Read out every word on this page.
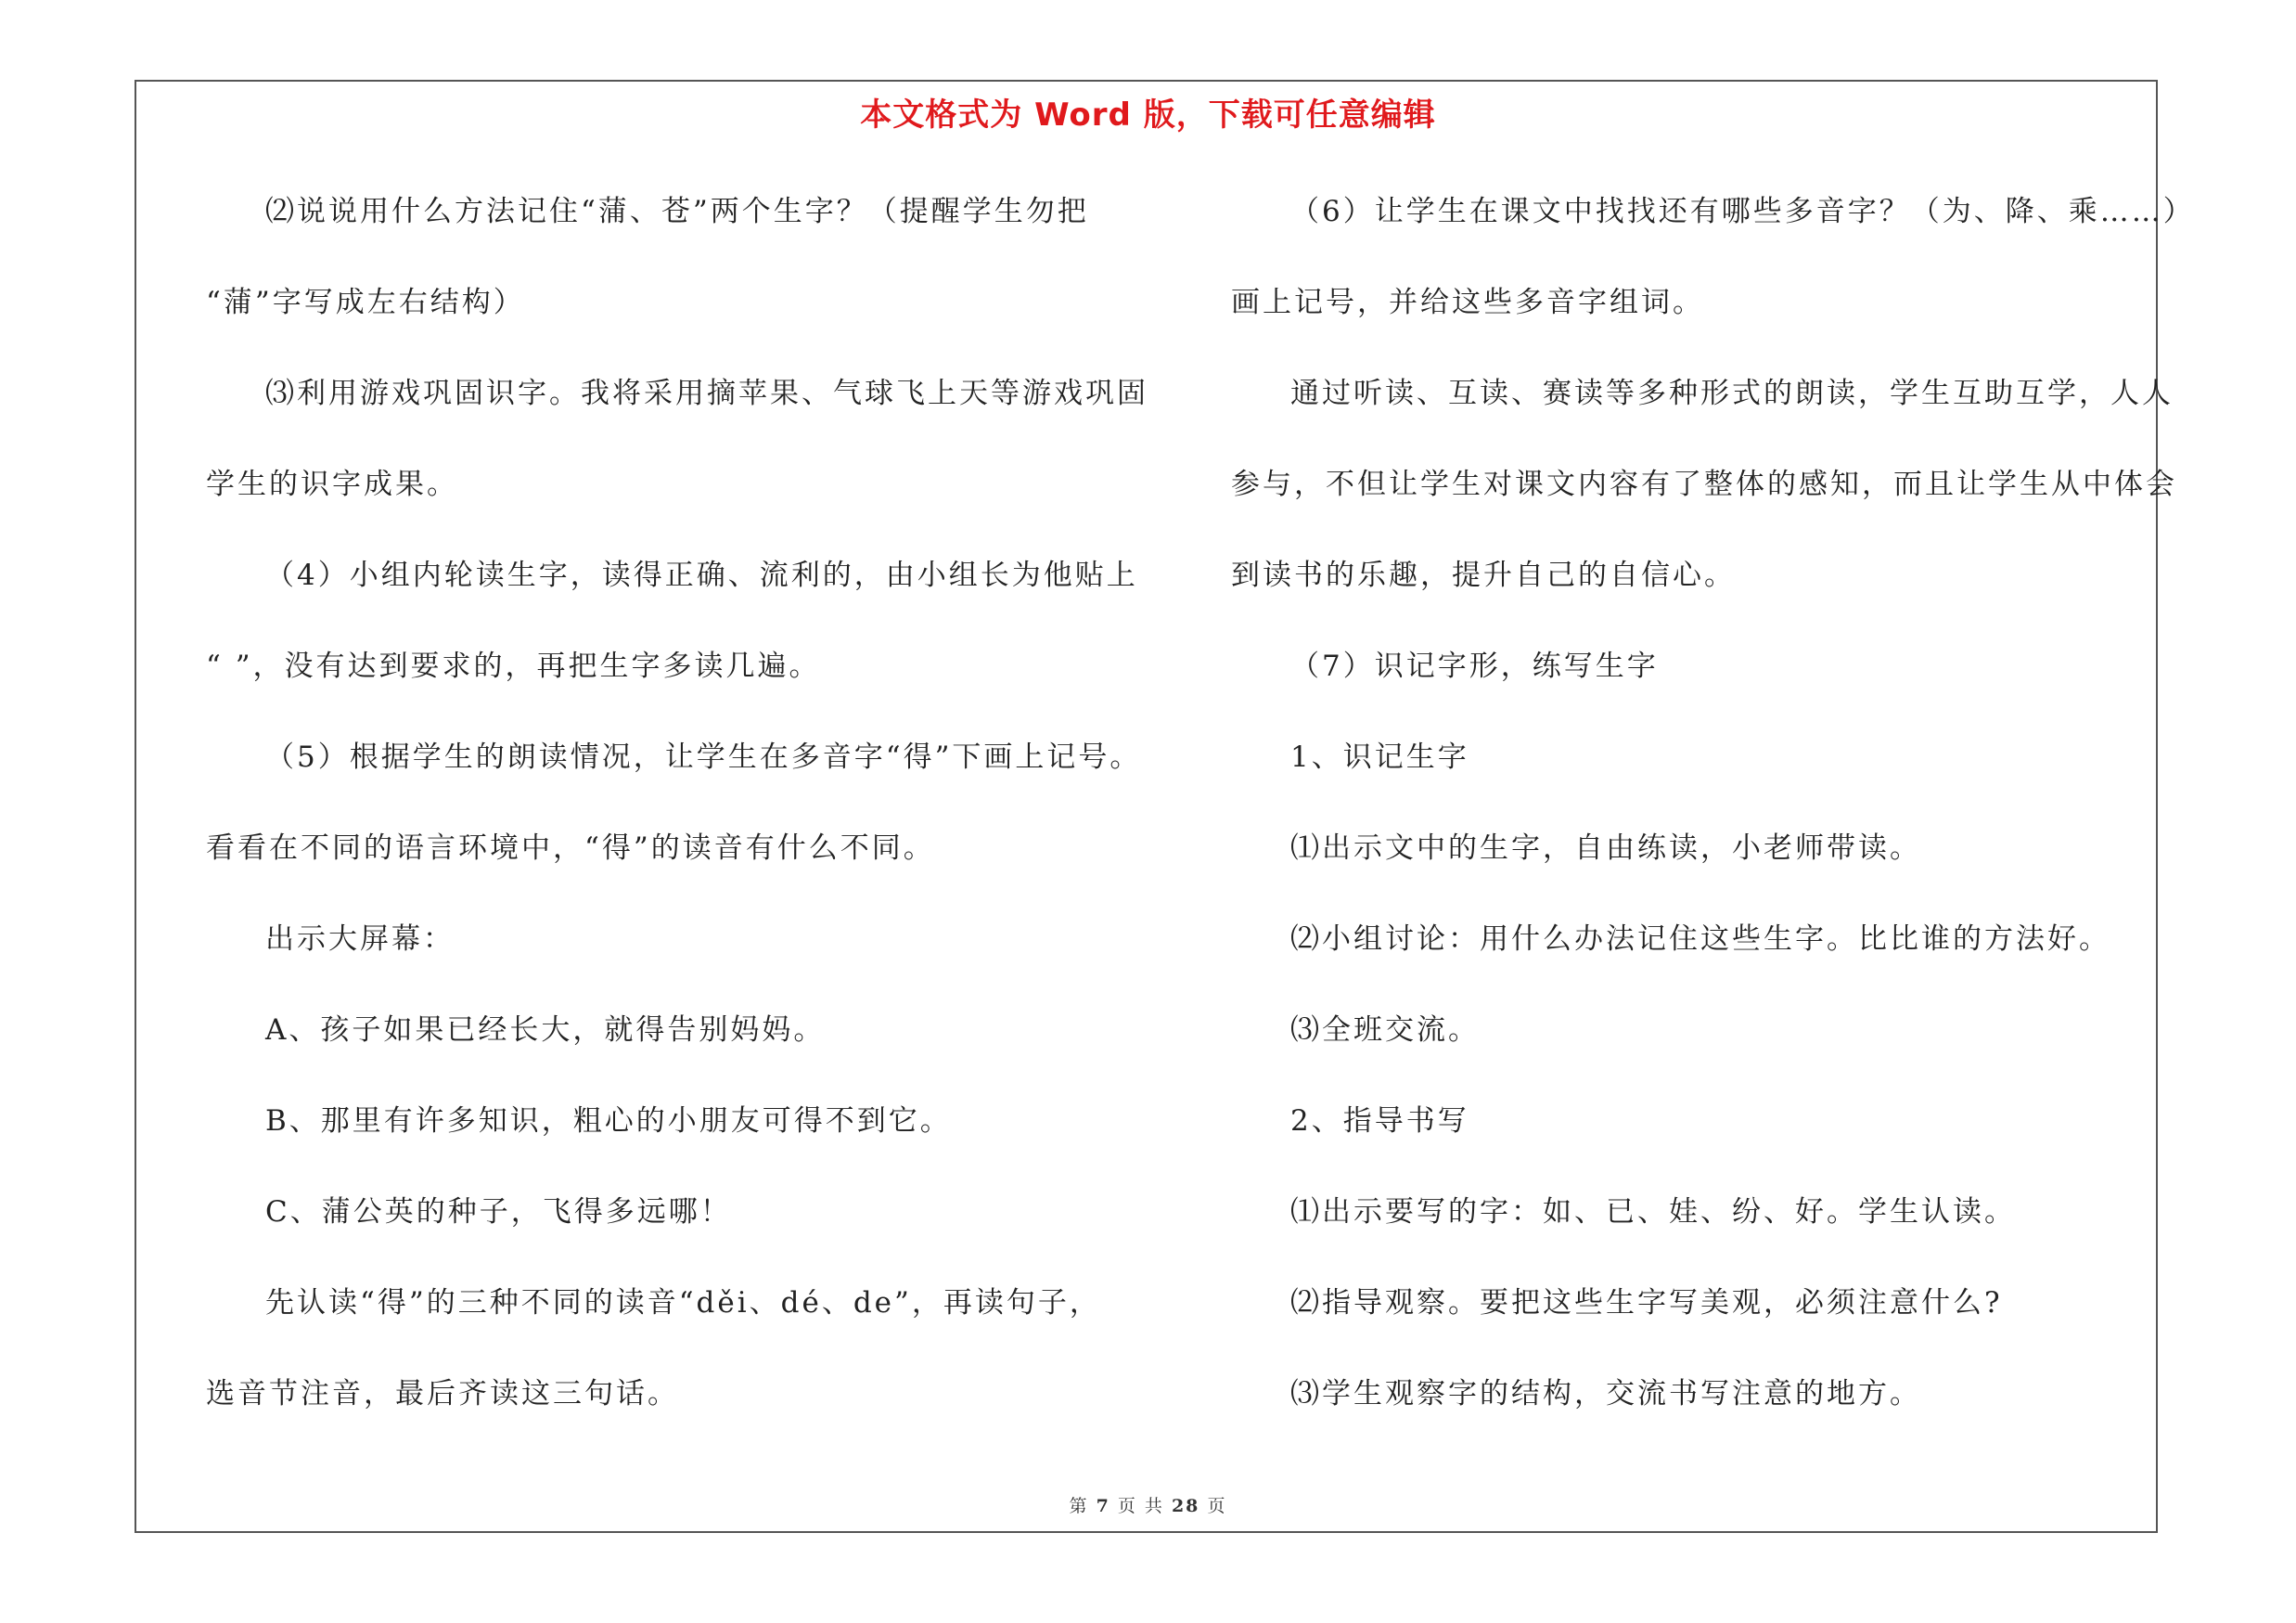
本文格式为 Word 版，下载可任意编辑
⑵说说用什么方法记住“蒲、苍”两个生字？（提醒学生勿把
“蒲”字写成左右结构）
⑶利用游戏巩固识字。我将采用摘苹果、气球飞上天等游戏巩固
学生的识字成果。
（4）小组内轮读生字，读得正确、流利的，由小组长为他贴上
“ ”，没有达到要求的，再把生字多读几遍。
（5）根据学生的朗读情况，让学生在多音字“得”下画上记号。
看看在不同的语言环境中，“得”的读音有什么不同。
出示大屏幕：
A、孩子如果已经长大，就得告别妈妈。
B、那里有许多知识，粗心的小朋友可得不到它。
C、蒲公英的种子，飞得多远哪！
先认读“得”的三种不同的读音“děi、dé、de”，再读句子，
选音节注音，最后齐读这三句话。
（6）让学生在课文中找找还有哪些多音字？（为、降、乘……）
画上记号，并给这些多音字组词。
通过听读、互读、赛读等多种形式的朗读，学生互助互学，人人
参与，不但让学生对课文内容有了整体的感知，而且让学生从中体会
到读书的乐趣，提升自己的自信心。
（7）识记字形，练写生字
1、识记生字
⑴出示文中的生字，自由练读，小老师带读。
⑵小组讨论：用什么办法记住这些生字。比比谁的方法好。
⑶全班交流。
2、指导书写
⑴出示要写的字：如、已、娃、纷、好。学生认读。
⑵指导观察。要把这些生字写美观，必须注意什么?
⑶学生观察字的结构，交流书写注意的地方。
第 7 页 共 28 页
